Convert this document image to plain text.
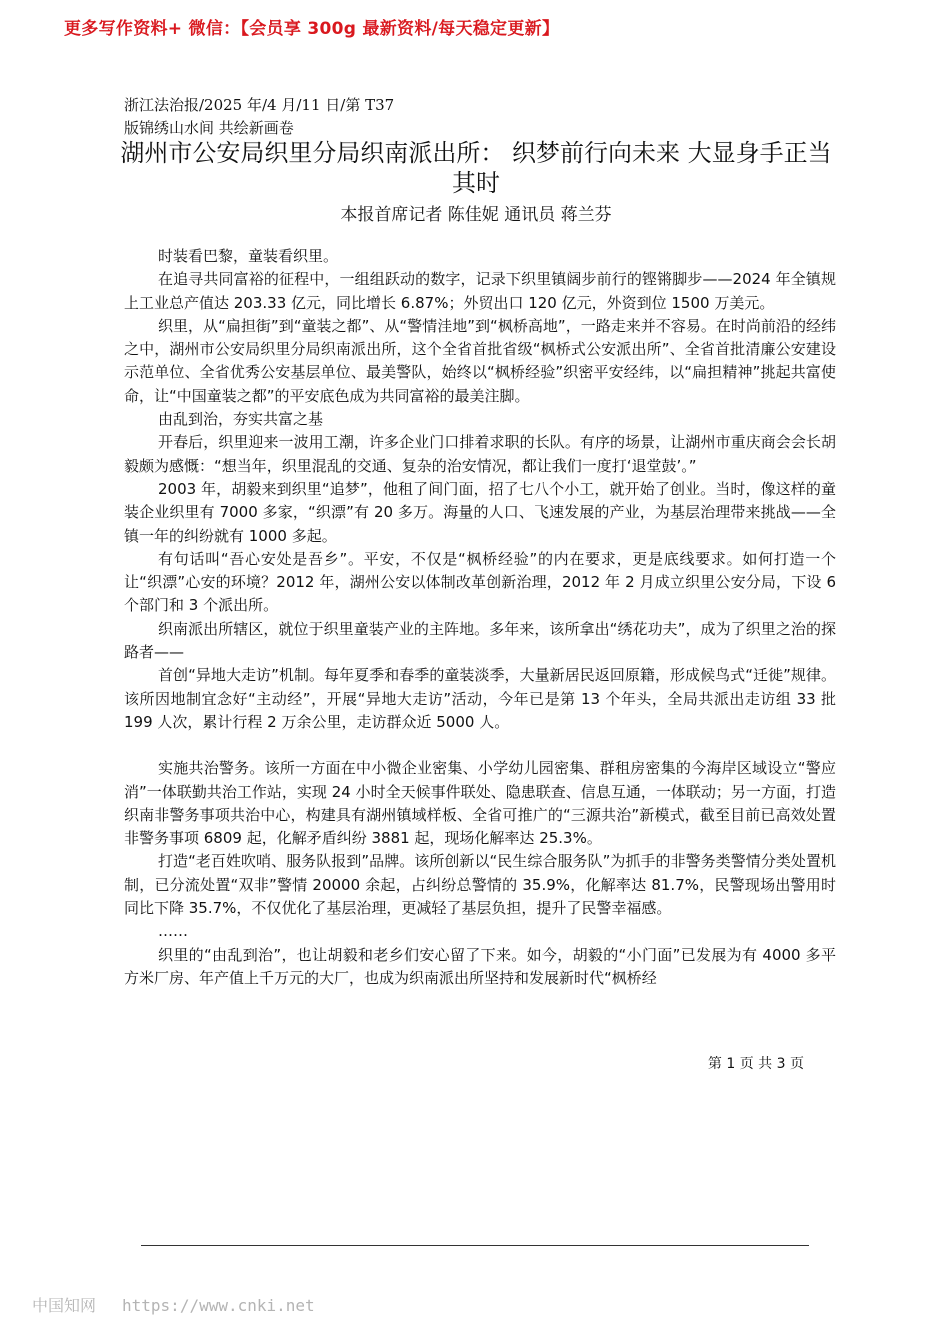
更多写作资料+ 微信：【会员享 300g 最新资料/每天稳定更新】
浙江法治报/2025 年/4 月/11 日/第 T37
版锦绣山水间 共绘新画卷
湖州市公安局织里分局织南派出所： 织梦前行向未来 大显身手正当其时
本报首席记者 陈佳妮 通讯员 蒋兰芬

时装看巴黎，童装看织里。

在追寻共同富裕的征程中，一组组跃动的数字，记录下织里镇阔步前行的铿锵脚步——2024 年全镇规上工业总产值达 203.33 亿元，同比增长 6.87%；外贸出口 120 亿元，外资到位 1500 万美元。

织里，从“扁担街”到“童装之都”、从“警情洼地”到“枫桥高地”，一路走来并不容易。在时尚前沿的经纬之中，湖州市公安局织里分局织南派出所，这个全省首批省级“枫桥式公安派出所”、全省首批清廉公安建设示范单位、全省优秀公安基层单位、最美警队，始终以“枫桥经验”织密平安经纬，以“扁担精神”挑起共富使命，让“中国童装之都”的平安底色成为共同富裕的最美注脚。

由乱到治，夯实共富之基

开春后，织里迎来一波用工潮，许多企业门口排着求职的长队。有序的场景，让湖州市重庆商会会长胡毅颇为感慨：“想当年，织里混乱的交通、复杂的治安情况，都让我们一度打‘退堂鼓’。”

2003 年，胡毅来到织里“追梦”，他租了间门面，招了七八个小工，就开始了创业。当时，像这样的童装企业织里有 7000 多家，“织漂”有 20 多万。海量的人口、飞速发展的产业，为基层治理带来挑战——全镇一年的纠纷就有 1000 多起。

有句话叫“吾心安处是吾乡”。平安，不仅是“枫桥经验”的内在要求，更是底线要求。如何打造一个让“织漂”心安的环境？2012 年，湖州公安以体制改革创新治理，2012 年 2 月成立织里公安分局，下设 6 个部门和 3 个派出所。

织南派出所辖区，就位于织里童装产业的主阵地。多年来，该所拿出“绣花功夫”，成为了织里之治的探路者——

首创“异地大走访”机制。每年夏季和春季的童装淡季，大量新居民返回原籍，形成候鸟式“迁徙”规律。该所因地制宜念好“主动经”，开展“异地大走访”活动，今年已是第 13 个年头，全局共派出走访组 33 批 199 人次，累计行程 2 万余公里，走访群众近 5000 人。

实施共治警务。该所一方面在中小微企业密集、小学幼儿园密集、群租房密集的今海岸区域设立“警应消”一体联勤共治工作站，实现 24 小时全天候事件联处、隐患联查、信息互通，一体联动；另一方面，打造织南非警务事项共治中心，构建具有湖州镇域样板、全省可推广的“三源共治”新模式，截至目前已高效处置非警务事项 6809 起，化解矛盾纠纷 3881 起，现场化解率达 25.3%。

打造“老百姓吹哨、服务队报到”品牌。该所创新以“民生综合服务队”为抓手的非警务类警情分类处置机制，已分流处置“双非”警情 20000 余起，占纠纷总警情的 35.9%，化解率达 81.7%，民警现场出警用时同比下降 35.7%，不仅优化了基层治理，更减轻了基层负担，提升了民警幸福感。

……

织里的“由乱到治”，也让胡毅和老乡们安心留了下来。如今，胡毅的“小门面”已发展为有 4000 多平方米厂房、年产值上千万元的大厂，也成为织南派出所坚持和发展新时代“枫桥经

第 1 页 共 3 页
中国知网 https://www.cnki.net
